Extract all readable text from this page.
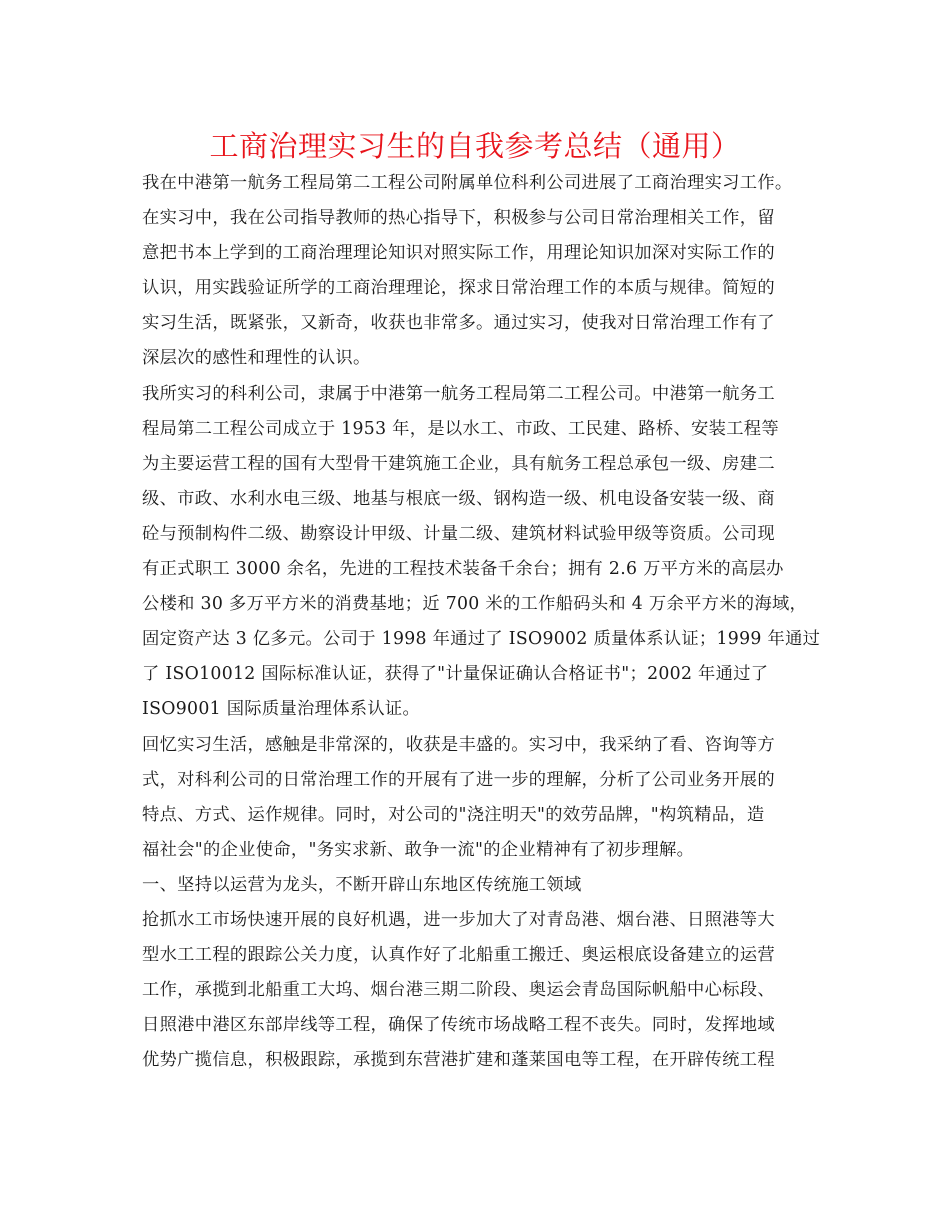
工商治理实习生的自我参考总结（通用）
我在中港第一航务工程局第二工程公司附属单位科利公司进展了工商治理实习工作。
在实习中，我在公司指导教师的热心指导下，积极参与公司日常治理相关工作，留
意把书本上学到的工商治理理论知识对照实际工作，用理论知识加深对实际工作的
认识，用实践验证所学的工商治理理论，探求日常治理工作的本质与规律。简短的
实习生活，既紧张，又新奇，收获也非常多。通过实习，使我对日常治理工作有了
深层次的感性和理性的认识。
我所实习的科利公司，隶属于中港第一航务工程局第二工程公司。中港第一航务工
程局第二工程公司成立于 1953 年，是以水工、市政、工民建、路桥、安装工程等
为主要运营工程的国有大型骨干建筑施工企业，具有航务工程总承包一级、房建二
级、市政、水利水电三级、地基与根底一级、钢构造一级、机电设备安装一级、商
砼与预制构件二级、勘察设计甲级、计量二级、建筑材料试验甲级等资质。公司现
有正式职工 3000 余名，先进的工程技术装备千余台；拥有 2.6 万平方米的高层办
公楼和 30 多万平方米的消费基地；近 700 米的工作船码头和 4 万余平方米的海域，
固定资产达 3 亿多元。公司于 1998 年通过了 ISO9002 质量体系认证；1999 年通过
了 ISO10012 国际标准认证，获得了"计量保证确认合格证书"；2002 年通过了
ISO9001 国际质量治理体系认证。
回忆实习生活，感触是非常深的，收获是丰盛的。实习中，我采纳了看、咨询等方
式，对科利公司的日常治理工作的开展有了进一步的理解，分析了公司业务开展的
特点、方式、运作规律。同时，对公司的"浇注明天"的效劳品牌，"构筑精品，造
福社会"的企业使命，"务实求新、敢争一流"的企业精神有了初步理解。
一、坚持以运营为龙头，不断开辟山东地区传统施工领域
抢抓水工市场快速开展的良好机遇，进一步加大了对青岛港、烟台港、日照港等大
型水工工程的跟踪公关力度，认真作好了北船重工搬迁、奥运根底设备建立的运营
工作，承揽到北船重工大坞、烟台港三期二阶段、奥运会青岛国际帆船中心标段、
日照港中港区东部岸线等工程，确保了传统市场战略工程不丧失。同时，发挥地域
优势广揽信息，积极跟踪，承揽到东营港扩建和蓬莱国电等工程，在开辟传统工程
